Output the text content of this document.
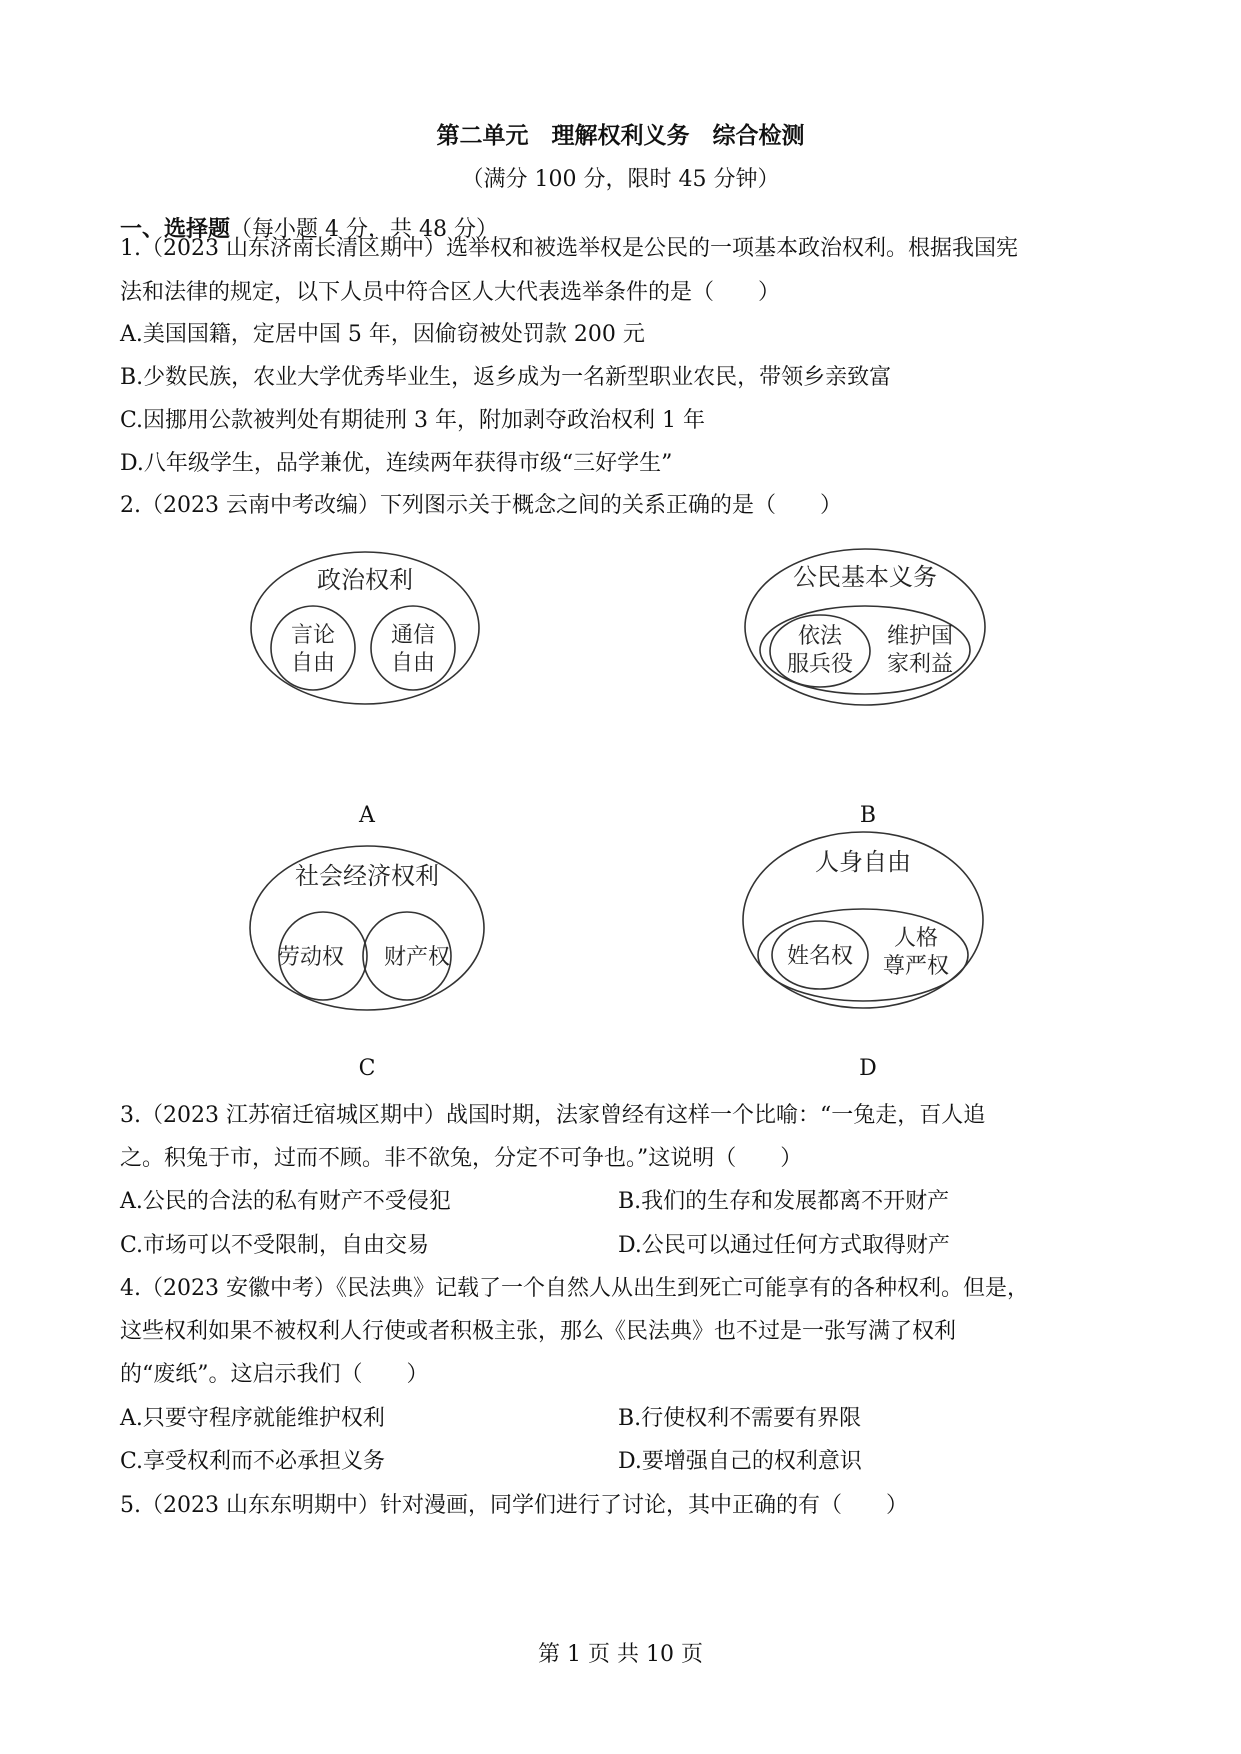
第二单元　理解权利义务　综合检测
（满分 100 分，限时 45 分钟）
一、选择题（每小题 4 分，共 48 分）
1.（2023 山东济南长清区期中）选举权和被选举权是公民的一项基本政治权利。根据我国宪
法和法律的规定，以下人员中符合区人大代表选举条件的是（　　）
A.美国国籍，定居中国 5 年，因偷窃被处罚款 200 元
B.少数民族，农业大学优秀毕业生，返乡成为一名新型职业农民，带领乡亲致富
C.因挪用公款被判处有期徒刑 3 年，附加剥夺政治权利 1 年
D.八年级学生，品学兼优，连续两年获得市级“三好学生”
2.（2023 云南中考改编）下列图示关于概念之间的关系正确的是（　　）
政治权利
言论
自由
通信
自由
A
公民基本义务
依法
服兵役
维护国
家利益
B
社会经济权利
劳动权 财产权
C
人身自由
姓名权
人格
尊严权
D
3.（2023 江苏宿迁宿城区期中）战国时期，法家曾经有这样一个比喻：“一兔走，百人追
之。积兔于市，过而不顾。非不欲兔，分定不可争也。”这说明（　　）
A.公民的合法的私有财产不受侵犯	B.我们的生存和发展都离不开财产
C.市场可以不受限制，自由交易	D.公民可以通过任何方式取得财产
4.（2023 安徽中考）《民法典》记载了一个自然人从出生到死亡可能享有的各种权利。但是，
这些权利如果不被权利人行使或者积极主张，那么《民法典》也不过是一张写满了权利
的“废纸”。这启示我们（　　）
A.只要守程序就能维护权利	B.行使权利不需要有界限
C.享受权利而不必承担义务	D.要增强自己的权利意识
5.（2023 山东东明期中）针对漫画，同学们进行了讨论，其中正确的有（　　）
第 1 页 共 10 页
